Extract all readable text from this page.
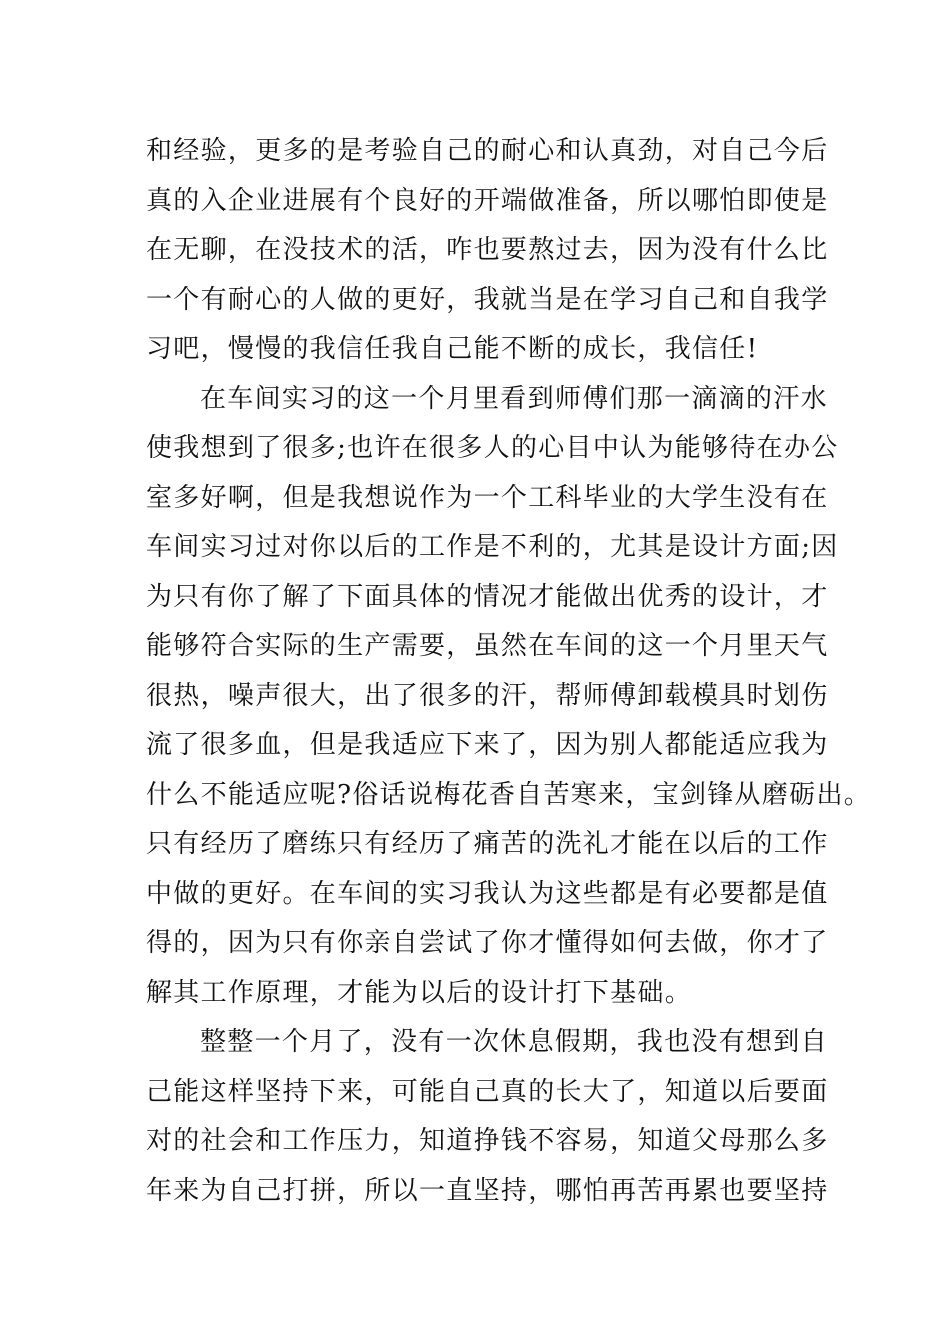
和经验，更多的是考验自己的耐心和认真劲，对自己今后
真的入企业进展有个良好的开端做准备，所以哪怕即使是
在无聊，在没技术的活，咋也要熬过去，因为没有什么比
一个有耐心的人做的更好，我就当是在学习自己和自我学
习吧，慢慢的我信任我自己能不断的成长，我信任!
在车间实习的这一个月里看到师傅们那一滴滴的汗水
使我想到了很多;也许在很多人的心目中认为能够待在办公
室多好啊，但是我想说作为一个工科毕业的大学生没有在
车间实习过对你以后的工作是不利的，尤其是设计方面;因
为只有你了解了下面具体的情况才能做出优秀的设计，才
能够符合实际的生产需要，虽然在车间的这一个月里天气
很热，噪声很大，出了很多的汗，帮师傅卸载模具时划伤
流了很多血，但是我适应下来了，因为别人都能适应我为
什么不能适应呢?俗话说梅花香自苦寒来，宝剑锋从磨砺出。
只有经历了磨练只有经历了痛苦的洗礼才能在以后的工作
中做的更好。在车间的实习我认为这些都是有必要都是值
得的，因为只有你亲自尝试了你才懂得如何去做，你才了
解其工作原理，才能为以后的设计打下基础。
整整一个月了，没有一次休息假期，我也没有想到自
己能这样坚持下来，可能自己真的长大了，知道以后要面
对的社会和工作压力，知道挣钱不容易，知道父母那么多
年来为自己打拼，所以一直坚持，哪怕再苦再累也要坚持
